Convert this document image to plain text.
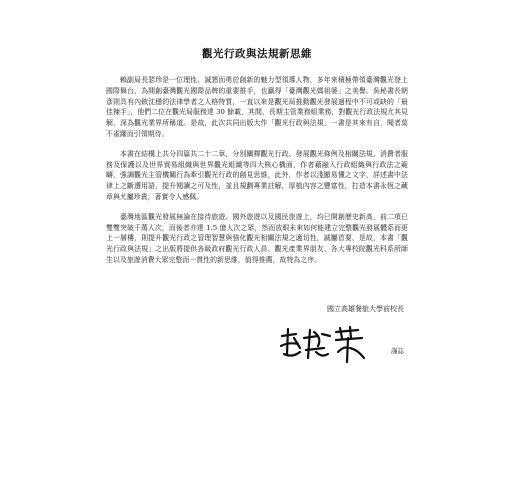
觀光行政與法規新思維

賴副局長瑟珍是一位理性、誠懇而勇於創新的魅力型領導人物，多年來積極帶領臺灣觀光登上國際舞台，為開創臺灣觀光國際品牌的重要推手，也贏得「臺灣觀光媽祖婆」之美譽。吳秘書長朝彥則具有內斂沈穩的法律學者之人格特質，一直以來是觀光局推動觀光發展過程中不可或缺的「最佳揀手」，他們二位在觀光局服務達 30 餘載，其間，長期主管業務組業務，對觀光行政法規尤其見解，深為觀光業界所稱道。是故，此次共同出版大作「觀光行政與法規」一書是其來有自，聞者莫不雀躍而引領期待。

本書在結構上共分四篇共二十二章，分別闡釋觀光行政、發展觀光條例及相關法規、消費者服務及保護以及世界貿易組織與世界觀光組織等四大核心構面，作者藉融入行政組織與行政法之範疇，強調觀光主管機關行為牽引觀光行政的創見思維，此外，作者以淺顯易懂之文字，詳述書中法律上之斷遭用語，提升閱讀之可及性，並且規劃專業註解，厚植內容之豐富性，打造本書永恆之藏章與尤屬珍貴，著實令人感佩。

臺灣地區觀光發展無論在接待旅遊、國外旅遊以及國民旅遊上，均已開創歷史新高，前二項已雙雙突破千萬人次，而後者亦達 1.5 億人次之眾，然而放眼未來如何能建立完整觀光發展體系而更上一層樓，則提升觀光行政之管理智慧與強化觀光相關法規之適切性，誠屬首要，是故，本書「觀光行政與法規」之出版將提供各級政府觀光行政人員、觀光產業界朋友、各大專校院觀光科系所師生以及旅遊消費大眾完整而一貫性的新思維，值得推薦，故特為之序。

國立高雄餐旅大學前校長

謹誌
